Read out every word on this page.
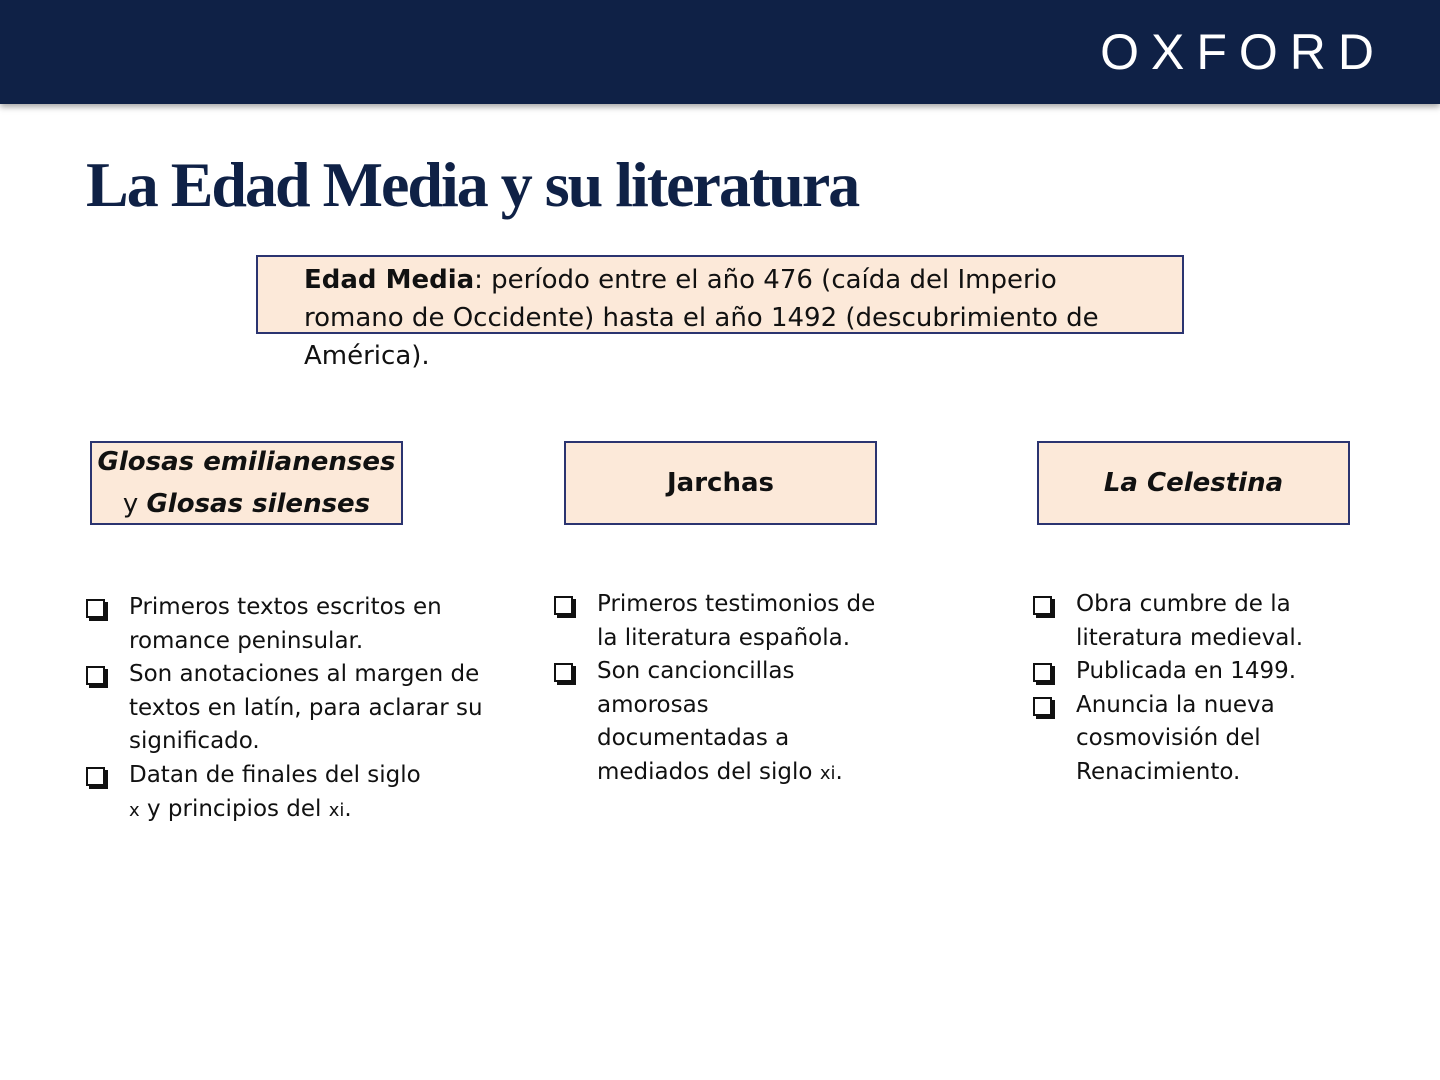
OXFORD
La Edad Media y su literatura
Edad Media: período entre el año 476 (caída del Imperio romano de Occidente) hasta el año 1492 (descubrimiento de América).
Glosas emilianenses
y Glosas silenses
Jarchas	La Celestina
Primeros textos escritos en romance peninsular.
Son anotaciones al margen de textos en latín, para aclarar su significado.
Datan de finales del siglo
x y principios del xi.
Primeros testimonios de la literatura española.
Son cancioncillas amorosas documentadas a mediados del siglo xi.
Obra cumbre de la literatura medieval.
Publicada en 1499.
Anuncia la nueva cosmovisión del Renacimiento.
